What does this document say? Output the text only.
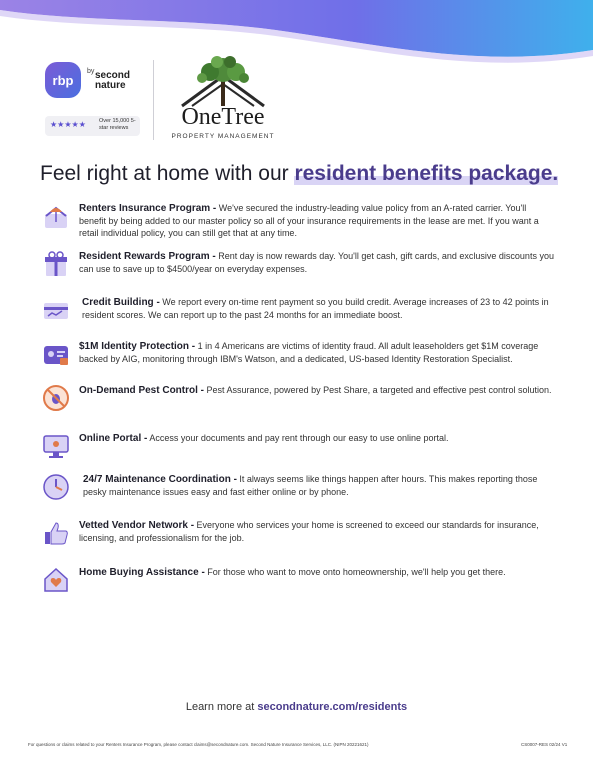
rbp
by second nature
★★★★★ Over 15,000 5-star reviews	OneTree
PROPERTY MANAGEMENT
Feel right at home with our resident benefits package.
Renters Insurance Program - We've secured the industry-leading value policy from an A-rated carrier. You'll benefit by being added to our master policy so all of your insurance requirements in the lease are met. If you want a retail individual policy, you can still get that at any time.
Resident Rewards Program - Rent day is now rewards day. You'll get cash, gift cards, and exclusive discounts you can use to save up to $4500/year on everyday expenses.
Credit Building - We report every on-time rent payment so you build credit. Average increases of 23 to 42 points in resident scores. We can report up to the past 24 months for an immediate boost.
$1M Identity Protection - 1 in 4 Americans are victims of identity fraud. All adult leaseholders get $1M coverage backed by AIG, monitoring through IBM's Watson, and a dedicated, US-based Identity Restoration Specialist.
On-Demand Pest Control - Pest Assurance, powered by Pest Share, a targeted and effective pest control solution.
Online Portal - Access your documents and pay rent through our easy to use online portal.
24/7 Maintenance Coordination - It always seems like things happen after hours. This makes reporting those pesky maintenance issues easy and fast either online or by phone.
Vetted Vendor Network - Everyone who services your home is screened to exceed our standards for insurance, licensing, and professionalism for the job.
Home Buying Assistance - For those who want to move onto homeownership, we'll help you get there.
Learn more at secondnature.com/residents
For questions or claims related to your Renters Insurance Program, please contact claims@secondnature.com. Second Nature Insurance Services, LLC. (NIPN 20221621)	CS0007-RES 02/24 V1
